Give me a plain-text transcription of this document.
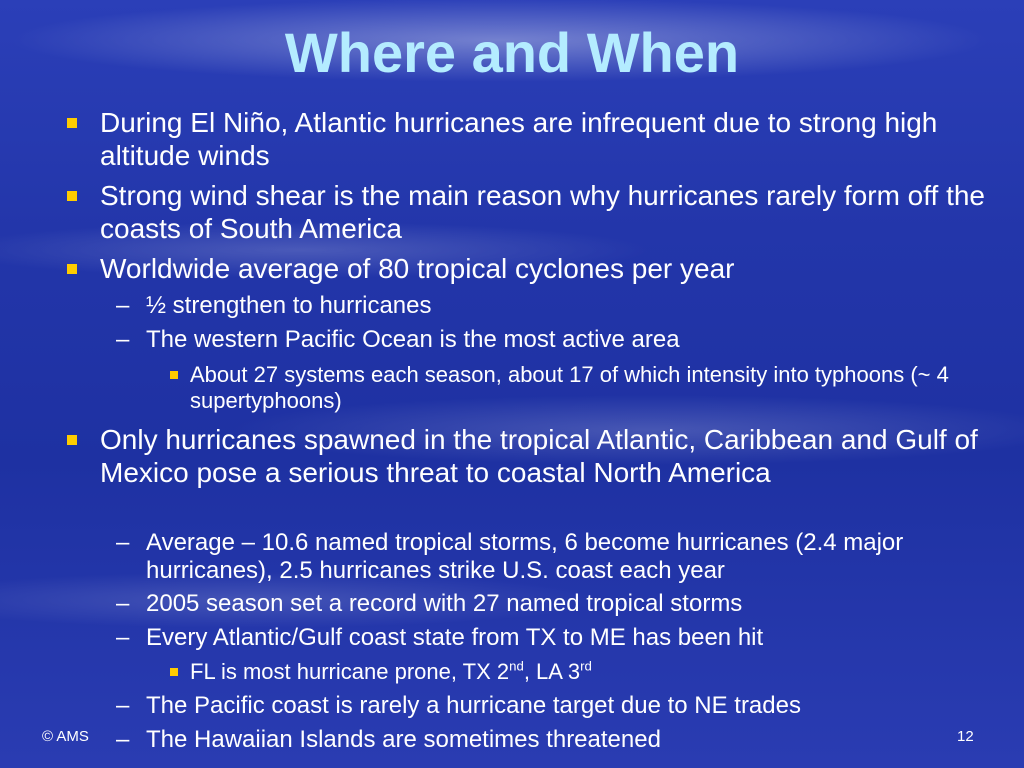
Where and When
During El Niño, Atlantic hurricanes are infrequent due to strong high altitude winds
Strong wind shear is the main reason why hurricanes rarely form off the coasts of South America
Worldwide average of 80 tropical cyclones per year
– ½ strengthen to hurricanes
– The western Pacific Ocean is the most active area
About 27 systems each season, about 17 of which intensity into typhoons (~ 4 supertyphoons)
Only hurricanes spawned in the tropical Atlantic, Caribbean and Gulf of Mexico pose a serious threat to coastal North America
– Average – 10.6 named tropical storms, 6 become hurricanes (2.4 major hurricanes), 2.5 hurricanes strike U.S. coast each year
– 2005 season set a record with 27 named tropical storms
– Every Atlantic/Gulf coast state from TX to ME has been hit
FL is most hurricane prone, TX 2nd, LA 3rd
– The Pacific coast is rarely a hurricane target due to NE trades
– The Hawaiian Islands are sometimes threatened
© AMS	12
